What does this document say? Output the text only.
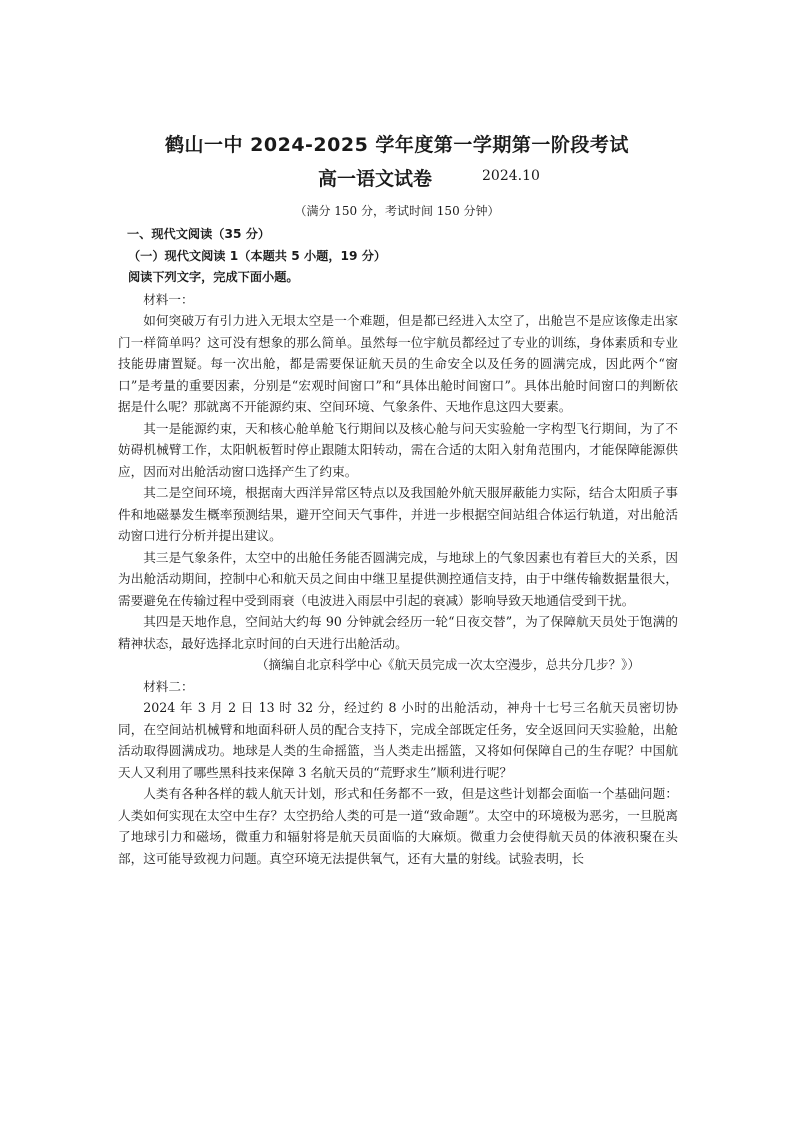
鹤山一中 2024-2025 学年度第一学期第一阶段考试
高一语文试卷	2024.10
（满分 150 分，考试时间 150 分钟）

一、现代文阅读（35 分）

（一）现代文阅读 1（本题共 5 小题，19 分）

阅读下列文字，完成下面小题。

材料一：

如何突破万有引力进入无垠太空是一个难题，但是都已经进入太空了，出舱岂不是应该像走出家门一样简单吗？这可没有想象的那么简单。虽然每一位宇航员都经过了专业的训练，身体素质和专业技能毋庸置疑。每一次出舱，都是需要保证航天员的生命安全以及任务的圆满完成，因此两个“窗口”是考量的重要因素，分别是“宏观时间窗口”和“具体出舱时间窗口”。具体出舱时间窗口的判断依据是什么呢？那就离不开能源约束、空间环境、气象条件、天地作息这四大要素。

其一是能源约束，天和核心舱单舱飞行期间以及核心舱与问天实验舱一字构型飞行期间，为了不妨碍机械臂工作，太阳帆板暂时停止跟随太阳转动，需在合适的太阳入射角范围内，才能保障能源供应，因而对出舱活动窗口选择产生了约束。

其二是空间环境，根据南大西洋异常区特点以及我国舱外航天服屏蔽能力实际，结合太阳质子事件和地磁暴发生概率预测结果，避开空间天气事件，并进一步根据空间站组合体运行轨道，对出舱活动窗口进行分析并提出建议。

其三是气象条件，太空中的出舱任务能否圆满完成，与地球上的气象因素也有着巨大的关系，因为出舱活动期间，控制中心和航天员之间由中继卫星提供测控通信支持，由于中继传输数据量很大，需要避免在传输过程中受到雨衰（电波进入雨层中引起的衰减）影响导致天地通信受到干扰。

其四是天地作息，空间站大约每 90 分钟就会经历一轮“日夜交替”，为了保障航天员处于饱满的精神状态，最好选择北京时间的白天进行出舱活动。

（摘编自北京科学中心《航天员完成一次太空漫步，总共分几步？》）

材料二：

2024 年 3 月 2 日 13 时 32 分，经过约 8 小时的出舱活动，神舟十七号三名航天员密切协同，在空间站机械臂和地面科研人员的配合支持下，完成全部既定任务，安全返回问天实验舱，出舱活动取得圆满成功。地球是人类的生命摇篮，当人类走出摇篮，又将如何保障自己的生存呢？中国航天人又利用了哪些黑科技来保障 3 名航天员的“荒野求生”顺利进行呢？

人类有各种各样的载人航天计划，形式和任务都不一致，但是这些计划都会面临一个基础问题：人类如何实现在太空中生存？太空扔给人类的可是一道“致命题”。太空中的环境极为恶劣，一旦脱离了地球引力和磁场，微重力和辐射将是航天员面临的大麻烦。微重力会使得航天员的体液积聚在头部，这可能导致视力问题。真空环境无法提供氧气，还有大量的射线。试验表明，长
